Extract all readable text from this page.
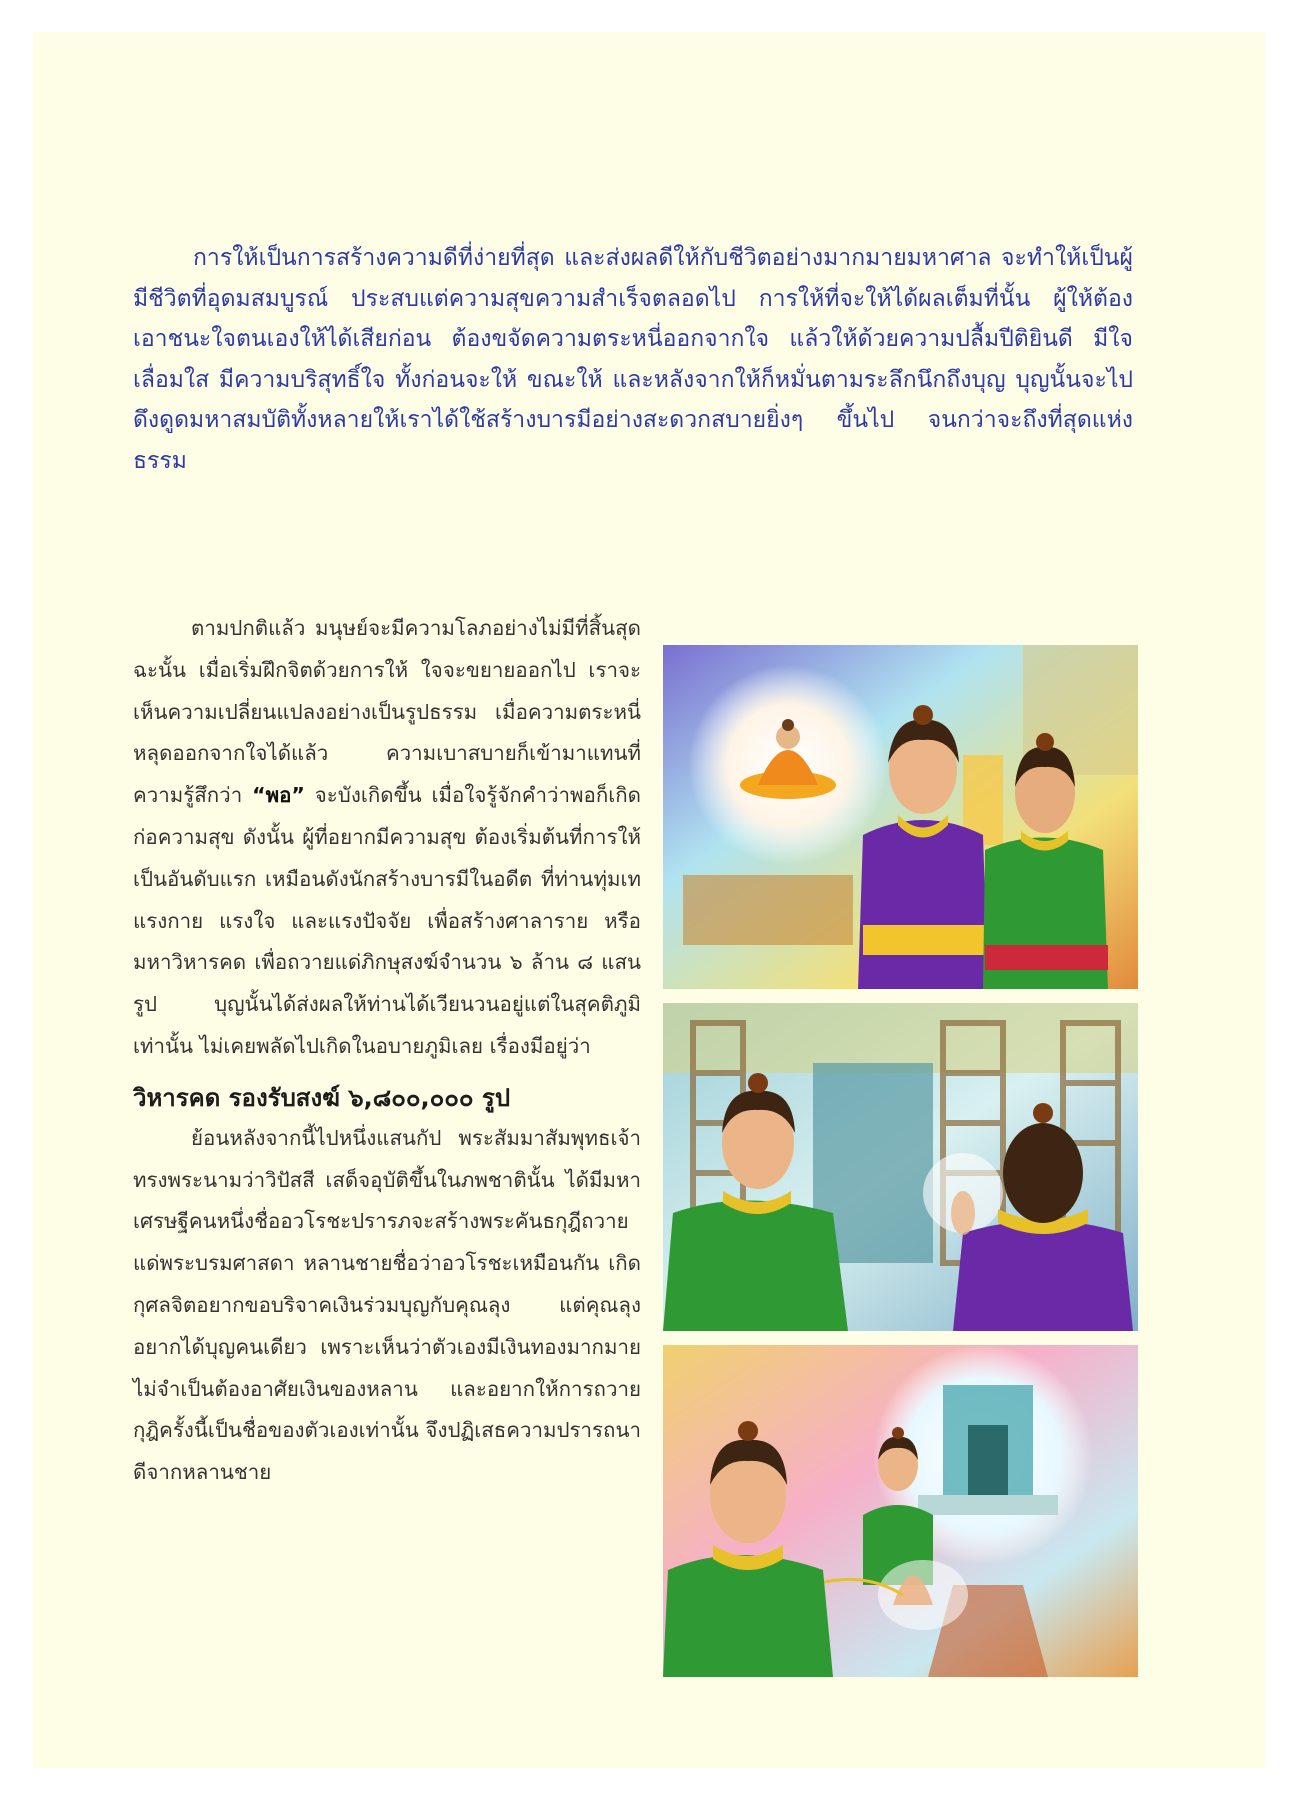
การให้เป็นการสร้างความดีที่ง่ายที่สุด และส่งผลดีให้กับชีวิตอย่างมากมายมหาศาล จะทำให้เป็นผู้มีชีวิตที่อุดมสมบูรณ์ ประสบแต่ความสุขความสำเร็จตลอดไป การให้ที่จะให้ได้ผลเต็มที่นั้น ผู้ให้ต้องเอาชนะใจตนเองให้ได้เสียก่อน ต้องขจัดความตระหนี่ออกจากใจ แล้วให้ด้วยความปลื้มปีติยินดี มีใจเลื่อมใส มีความบริสุทธิ์ใจ ทั้งก่อนจะให้ ขณะให้ และหลังจากให้ก็หมั่นตามระลึกนึกถึงบุญ บุญนั้นจะไปดึงดูดมหาสมบัติทั้งหลายให้เราได้ใช้สร้างบารมีอย่างสะดวกสบายยิ่งๆ ขึ้นไป จนกว่าจะถึงที่สุดแห่งธรรม

ตามปกติแล้ว มนุษย์จะมีความโลภอย่างไม่มีที่สิ้นสุด ฉะนั้น เมื่อเริ่มฝึกจิตด้วยการให้ ใจจะขยายออกไป เราจะเห็นความเปลี่ยนแปลงอย่างเป็นรูปธรรม เมื่อความตระหนี่หลุดออกจากใจได้แล้ว ความเบาสบายก็เข้ามาแทนที่ ความรู้สึกว่า “พอ” จะบังเกิดขึ้น เมื่อใจรู้จักคำว่าพอก็เกิดก่อความสุข ดังนั้น ผู้ที่อยากมีความสุข ต้องเริ่มต้นที่การให้เป็นอันดับแรก เหมือนดังนักสร้างบารมีในอดีต ที่ท่านทุ่มเทแรงกาย แรงใจ และแรงปัจจัย เพื่อสร้างศาลาราย หรือมหาวิหารคด เพื่อถวายแด่ภิกษุสงฆ์จำนวน ๖ ล้าน ๘ แสนรูป บุญนั้นได้ส่งผลให้ท่านได้เวียนวนอยู่แต่ในสุคติภูมิเท่านั้น ไม่เคยพลัดไปเกิดในอบายภูมิเลย เรื่องมีอยู่ว่า

วิหารคด รองรับสงฆ์ ๖,๘๐๐,๐๐๐ รูป

ย้อนหลังจากนี้ไปหนึ่งแสนกัป พระสัมมาสัมพุทธเจ้าทรงพระนามว่าวิปัสสี เสด็จอุบัติขึ้นในภพชาตินั้น ได้มีมหาเศรษฐีคนหนึ่งชื่ออวโรชะปรารภจะสร้างพระคันธกุฎีถวายแด่พระบรมศาสดา หลานชายชื่อว่าอวโรชะเหมือนกัน เกิดกุศลจิตอยากขอบริจาคเงินร่วมบุญกับคุณลุง แต่คุณลุงอยากได้บุญคนเดียว เพราะเห็นว่าตัวเองมีเงินทองมากมายไม่จำเป็นต้องอาศัยเงินของหลาน และอยากให้การถวายกุฎิครั้งนี้เป็นชื่อของตัวเองเท่านั้น จึงปฏิเสธความปรารถนาดีจากหลานชาย
